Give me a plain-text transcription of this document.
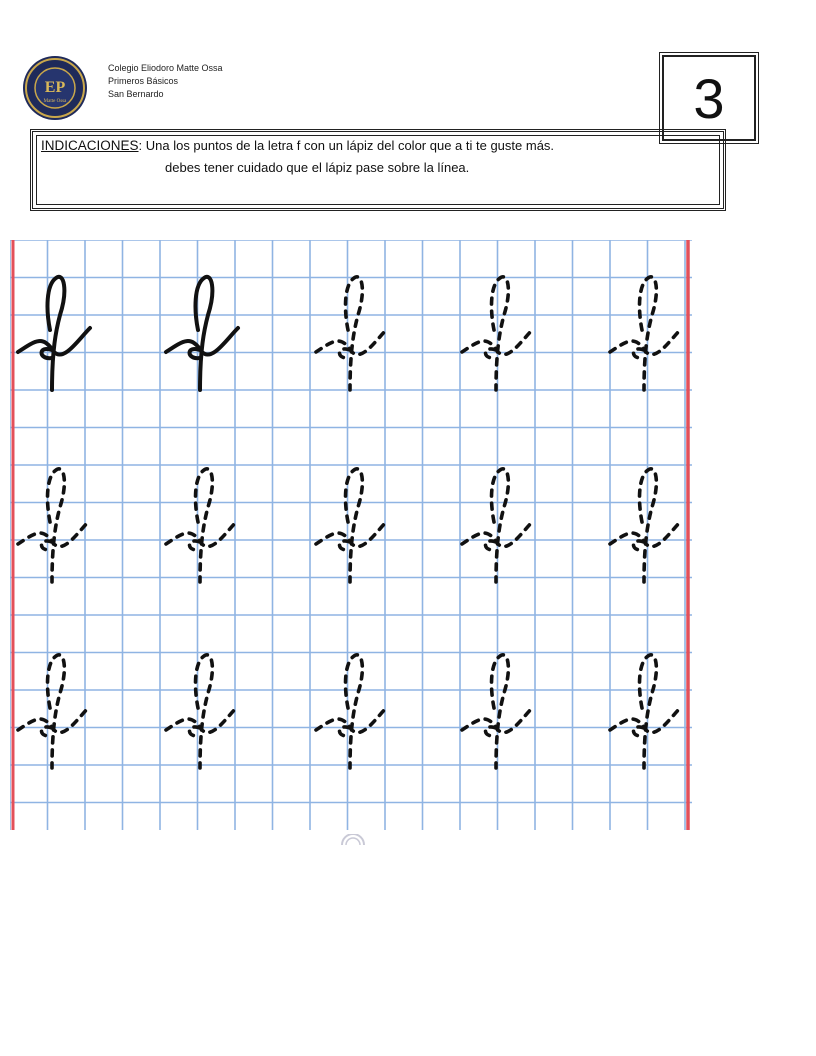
EP
Matte Ossa
Colegio Eliodoro Matte Ossa
Primeros Básicos
San Bernardo	3
INDICACIONES: Una los puntos de la letra f con un lápiz del color que a ti te guste más.
debes tener cuidado que el lápiz pase sobre la línea.
